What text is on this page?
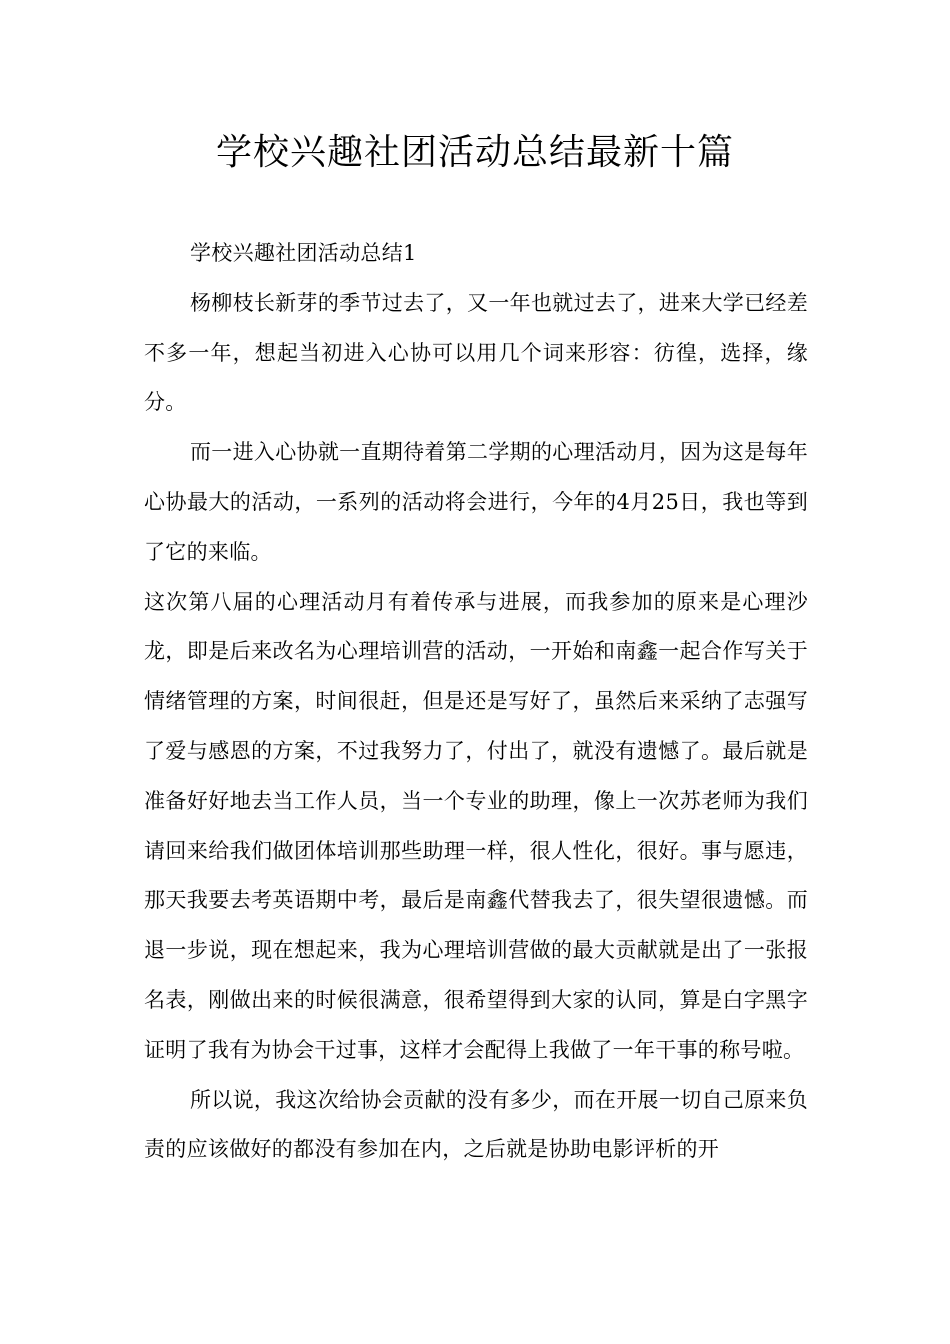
学校兴趣社团活动总结最新十篇

学校兴趣社团活动总结1

杨柳枝长新芽的季节过去了，又一年也就过去了，进来大学已经差不多一年，想起当初进入心协可以用几个词来形容：彷徨，选择，缘分。

而一进入心协就一直期待着第二学期的心理活动月，因为这是每年心协最大的活动，一系列的活动将会进行，今年的4月25日，我也等到了它的来临。

这次第八届的心理活动月有着传承与进展，而我参加的原来是心理沙龙，即是后来改名为心理培训营的活动，一开始和南鑫一起合作写关于情绪管理的方案，时间很赶，但是还是写好了，虽然后来采纳了志强写了爱与感恩的方案，不过我努力了，付出了，就没有遗憾了。最后就是准备好好地去当工作人员，当一个专业的助理，像上一次苏老师为我们请回来给我们做团体培训那些助理一样，很人性化，很好。事与愿违，那天我要去考英语期中考，最后是南鑫代替我去了，很失望很遗憾。而退一步说，现在想起来，我为心理培训营做的最大贡献就是出了一张报名表，刚做出来的时候很满意，很希望得到大家的认同，算是白字黑字证明了我有为协会干过事，这样才会配得上我做了一年干事的称号啦。

所以说，我这次给协会贡献的没有多少，而在开展一切自己原来负责的应该做好的都没有参加在内，之后就是协助电影评析的开
